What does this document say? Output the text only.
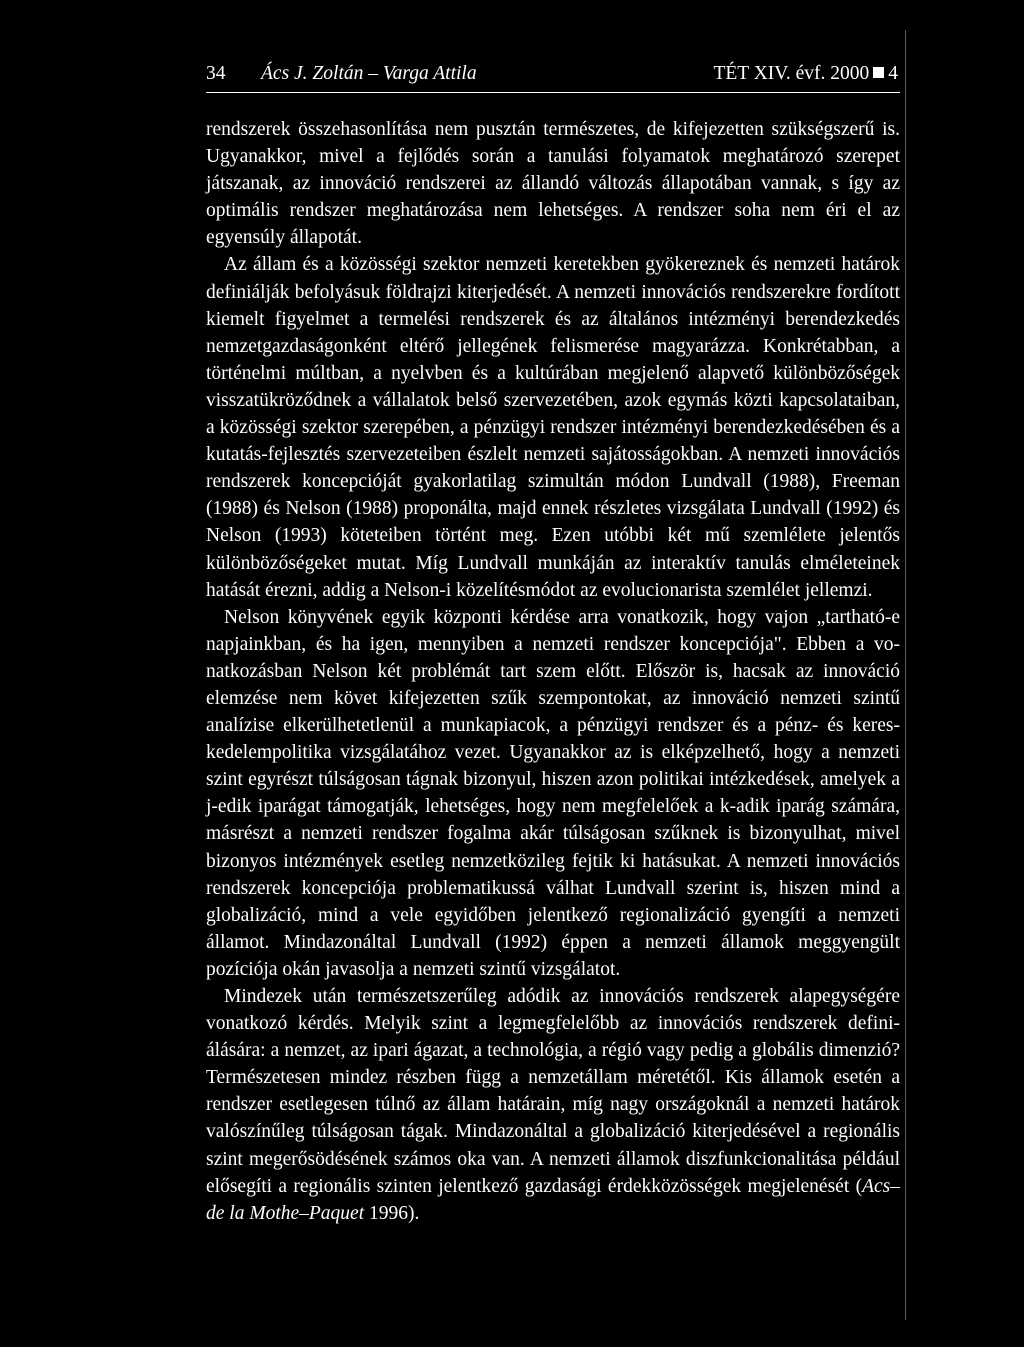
34 Ács J. Zoltán – Varga Attila	TÉT XIV. évf. 2000 4

rendszerek összehasonlítása nem pusztán természetes, de kifejezetten szükségszerű is. Ugyanakkor, mivel a fejlődés során a tanulási folyamatok meghatározó szerepet játszanak, az innováció rendszerei az állandó változás állapotában vannak, s így az optimális rendszer meghatározása nem lehetséges. A rendszer soha nem éri el az egyensúly állapotát.

Az állam és a közösségi szektor nemzeti keretekben gyökereznek és nemzeti határok definiálják befolyásuk földrajzi kiterjedését. A nemzeti innovációs rendszerekre fordított kiemelt figyelmet a termelési rendszerek és az általános intézményi berendezkedés nemzetgazdaságonként eltérő jellegének felismerése magyarázza. Konkrétabban, a történelmi múltban, a nyelvben és a kultúrában megjelenő alapvető különbözőségek visszatükröződnek a vállalatok belső szervezetében, azok egymás közti kapcsolataiban, a közösségi szektor szerepében, a pénzügyi rendszer intézményi berendezkedésében és a kutatás-fejlesztés szervezeteiben észlelt nemzeti sajátosságokban. A nemzeti innovációs rendszerek koncepcióját gyakorlatilag szimultán módon Lundvall (1988), Freeman (1988) és Nelson (1988) proponálta, majd ennek részletes vizsgálata Lundvall (1992) és Nelson (1993) köteteiben történt meg. Ezen utóbbi két mű szemlélete jelentős különbözőségeket mutat. Míg Lundvall munkáján az interaktív tanulás elméleteinek hatását érezni, addig a Nelson-i közelítésmódot az evolucionarista szemlélet jellemzi.

Nelson könyvének egyik központi kérdése arra vonatkozik, hogy vajon „tartható-e napjainkban, és ha igen, mennyiben a nemzeti rendszer koncepciója". Ebben a vonatkozásban Nelson két problémát tart szem előtt. Először is, hacsak az innováció elemzése nem követ kifejezetten szűk szempontokat, az innováció nemzeti szintű analízise elkerülhetetlenül a munkapiacok, a pénzügyi rendszer és a pénz- és kereskedelempolitika vizsgálatához vezet. Ugyanakkor az is elképzelhető, hogy a nemzeti szint egyrészt túlságosan tágnak bizonyul, hiszen azon politikai intézkedések, amelyek a j-edik iparágat támogatják, lehetséges, hogy nem megfelelőek a k-adik iparág számára, másrészt a nemzeti rendszer fogalma akár túlságosan szűknek is bizonyulhat, mivel bizonyos intézmények esetleg nemzetközileg fejtik ki hatásukat. A nemzeti innovációs rendszerek koncepciója problematikussá válhat Lundvall szerint is, hiszen mind a globalizáció, mind a vele egyidőben jelentkező regionalizáció gyengíti a nemzeti államot. Mindazonáltal Lundvall (1992) éppen a nemzeti államok meggyengült pozíciója okán javasolja a nemzeti szintű vizsgálatot.

Mindezek után természetszerűleg adódik az innovációs rendszerek alapegységére vonatkozó kérdés. Melyik szint a legmegfelelőbb az innovációs rendszerek definiálására: a nemzet, az ipari ágazat, a technológia, a régió vagy pedig a globális dimenzió? Természetesen mindez részben függ a nemzetállam méretétől. Kis államok esetén a rendszer esetlegesen túlnő az állam határain, míg nagy országoknál a nemzeti határok valószínűleg túlságosan tágak. Mindazonáltal a globalizáció kiterjedésével a regionális szint megerősödésének számos oka van. A nemzeti államok diszfunkcionalitása például elősegíti a regionális szinten jelentkező gazdasági érdekközösségek megjelenését (Acs–de la Mothe–Paquet 1996).
